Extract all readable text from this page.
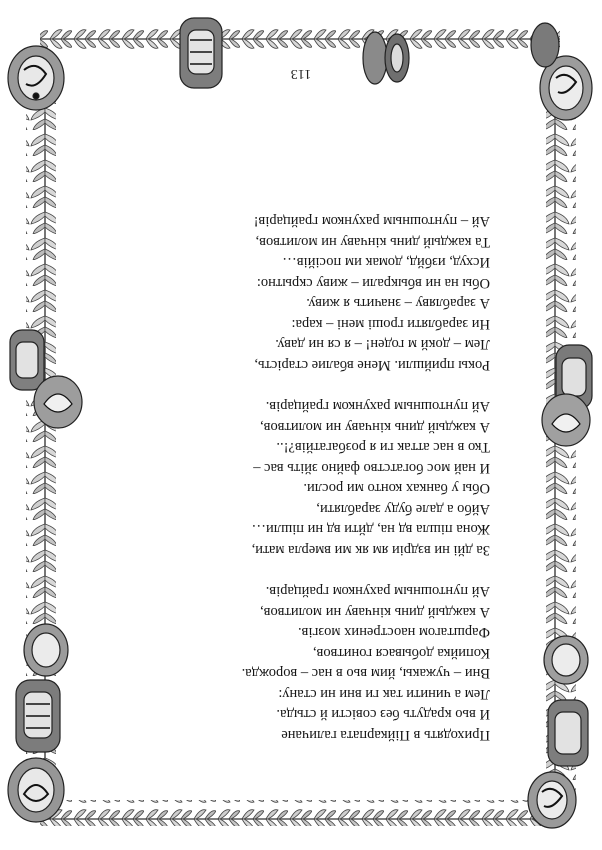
Приходять в Пійкарпата галичане
И вьо крадуть без совісти й стыда.
Лем а чинити так ги вни ни стану:
Вни – чужакы, йим вьо в нас – ворожда.
Копийка добывася гонитвов,
Фарштагом наострених мозгів.
А каждый динь кінчаву ни молитвов,
Ай пунтошным рахунком грайцарів.
За дйі ни вздріи ям як ми вмерла мати,
Жона пішла вд нa, дйти вд ни пішли…
Айбо а дале буду зарабляти,
Обы у банках конто ми росли.
И най мос богатство файно зйіть вас –
Тко в нас аттак ги я розбагатйів?!..
А каждый динь кінчаву ни молитвов,
Ай пунтошным рахунком грайцарів.
Рокы прийшли. Мене вбалие старість,
Лем – докй м годен! – я ся ни даву.
Ни зарабляти гроші мені – кара:
А зарабляву – значить я живу.
Обы на ни вбыкрали – живу скрытно:
Исхуд, избйд, домак им посійів…
Та каждый динь кінчаву ни молитвов,
Ай – пунтошным рахунком грайцарів!
113
